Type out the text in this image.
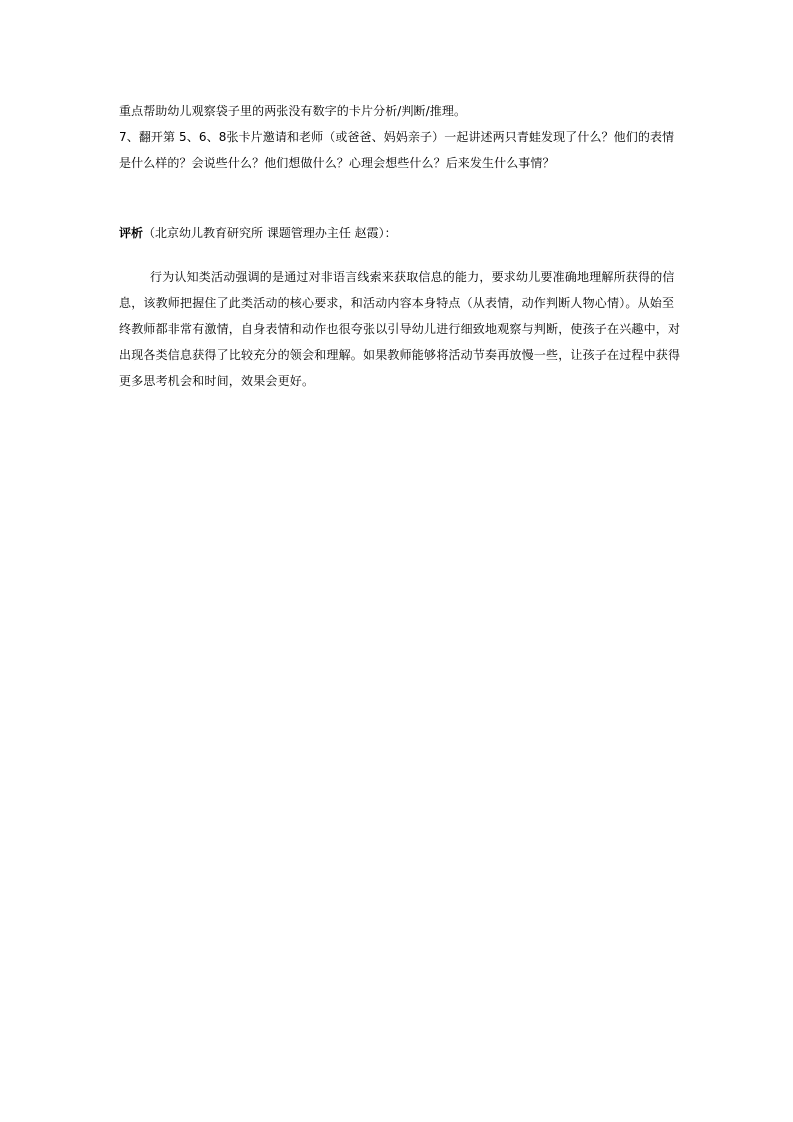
重点帮助幼儿观察袋子里的两张没有数字的卡片分析/判断/推理。
7、翻开第 5、6、8张卡片邀请和老师（或爸爸、妈妈亲子）一起讲述两只青蛙发现了什么？他们的表情
是什么样的？会说些什么？他们想做什么？心理会想些什么？后来发生什么事情？
评析（北京幼儿教育研究所 课题管理办主任 赵霞）：
行为认知类活动强调的是通过对非语言线索来获取信息的能力，要求幼儿要准确地理解所获得的信
息，该教师把握住了此类活动的核心要求，和活动内容本身特点（从表情，动作判断人物心情）。从始至
终教师都非常有激情，自身表情和动作也很夸张以引导幼儿进行细致地观察与判断，使孩子在兴趣中，对
出现各类信息获得了比较充分的领会和理解。如果教师能够将活动节奏再放慢一些，让孩子在过程中获得
更多思考机会和时间，效果会更好。
